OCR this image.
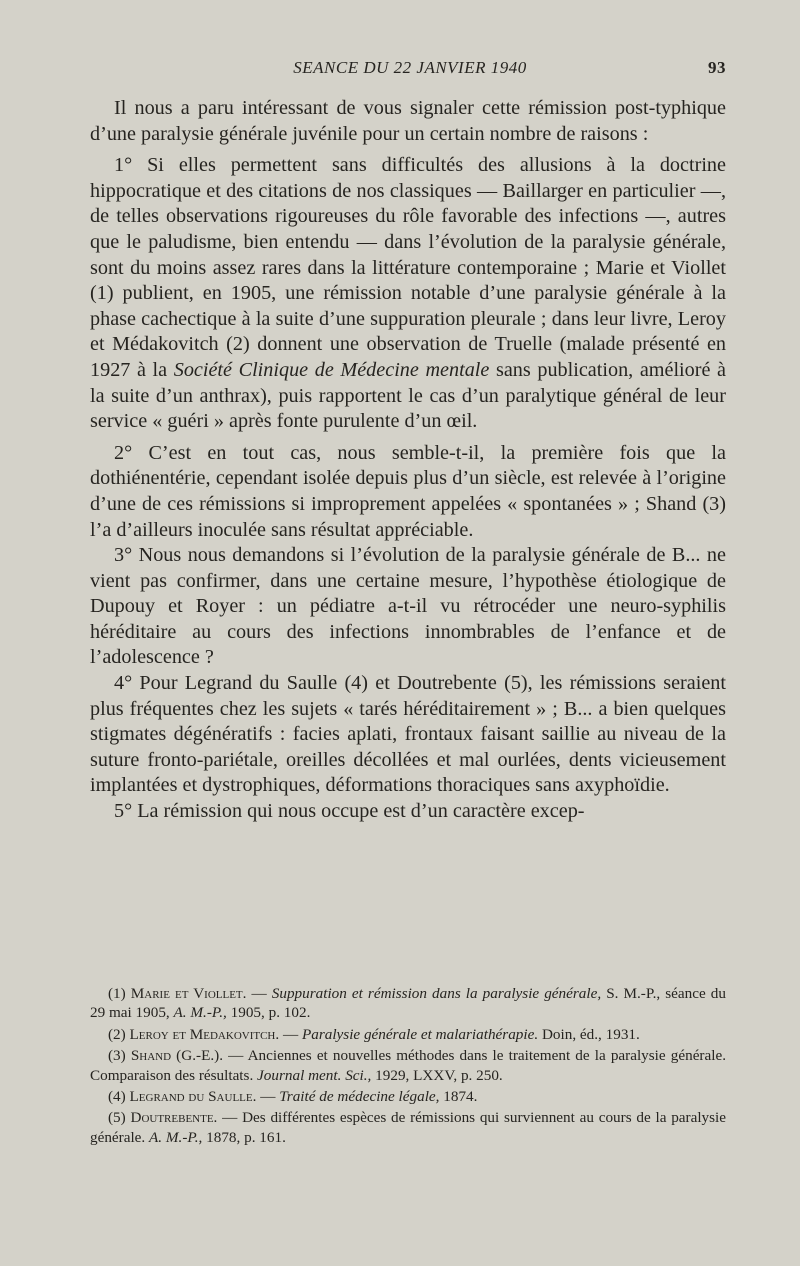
SEANCE DU 22 JANVIER 1940	93

Il nous a paru intéressant de vous signaler cette rémission post-typhique d’une paralysie générale juvénile pour un certain nombre de raisons :

1° Si elles permettent sans difficultés des allusions à la doctrine hippocratique et des citations de nos classiques — Baillarger en particulier —, de telles observations rigoureuses du rôle favorable des infections —, autres que le paludisme, bien entendu — dans l’évolution de la paralysie générale, sont du moins assez rares dans la littérature contemporaine ; Marie et Viollet (1) publient, en 1905, une rémission notable d’une paralysie générale à la phase cachectique à la suite d’une suppuration pleurale ; dans leur livre, Leroy et Médakovitch (2) donnent une observation de Truelle (malade présenté en 1927 à la Société Clinique de Médecine mentale sans publication, amélioré à la suite d’un anthrax), puis rapportent le cas d’un paralytique général de leur service « guéri » après fonte purulente d’un œil.

2° C’est en tout cas, nous semble-t-il, la première fois que la dothiénentérie, cependant isolée depuis plus d’un siècle, est relevée à l’origine d’une de ces rémissions si improprement appelées « spontanées » ; Shand (3) l’a d’ailleurs inoculée sans résultat appréciable.

3° Nous nous demandons si l’évolution de la paralysie générale de B... ne vient pas confirmer, dans une certaine mesure, l’hypothèse étiologique de Dupouy et Royer : un pédiatre a-t-il vu rétrocéder une neuro-syphilis héréditaire au cours des infections innombrables de l’enfance et de l’adolescence ?

4° Pour Legrand du Saulle (4) et Doutrebente (5), les rémissions seraient plus fréquentes chez les sujets « tarés héréditairement » ; B... a bien quelques stigmates dégénératifs : facies aplati, frontaux faisant saillie au niveau de la suture fronto-pariétale, oreilles décollées et mal ourlées, dents vicieusement implantées et dystrophiques, déformations thoraciques sans axyphoïdie.

5° La rémission qui nous occupe est d’un caractère excep-

(1) Marie et Viollet. — Suppuration et rémission dans la paralysie générale, S. M.-P., séance du 29 mai 1905, A. M.-P., 1905, p. 102.

(2) Leroy et Medakovitch. — Paralysie générale et malariathérapie. Doin, éd., 1931.

(3) Shand (G.-E.). — Anciennes et nouvelles méthodes dans le traitement de la paralysie générale. Comparaison des résultats. Journal ment. Sci., 1929, LXXV, p. 250.

(4) Legrand du Saulle. — Traité de médecine légale, 1874.

(5) Doutrebente. — Des différentes espèces de rémissions qui surviennent au cours de la paralysie générale. A. M.-P., 1878, p. 161.
